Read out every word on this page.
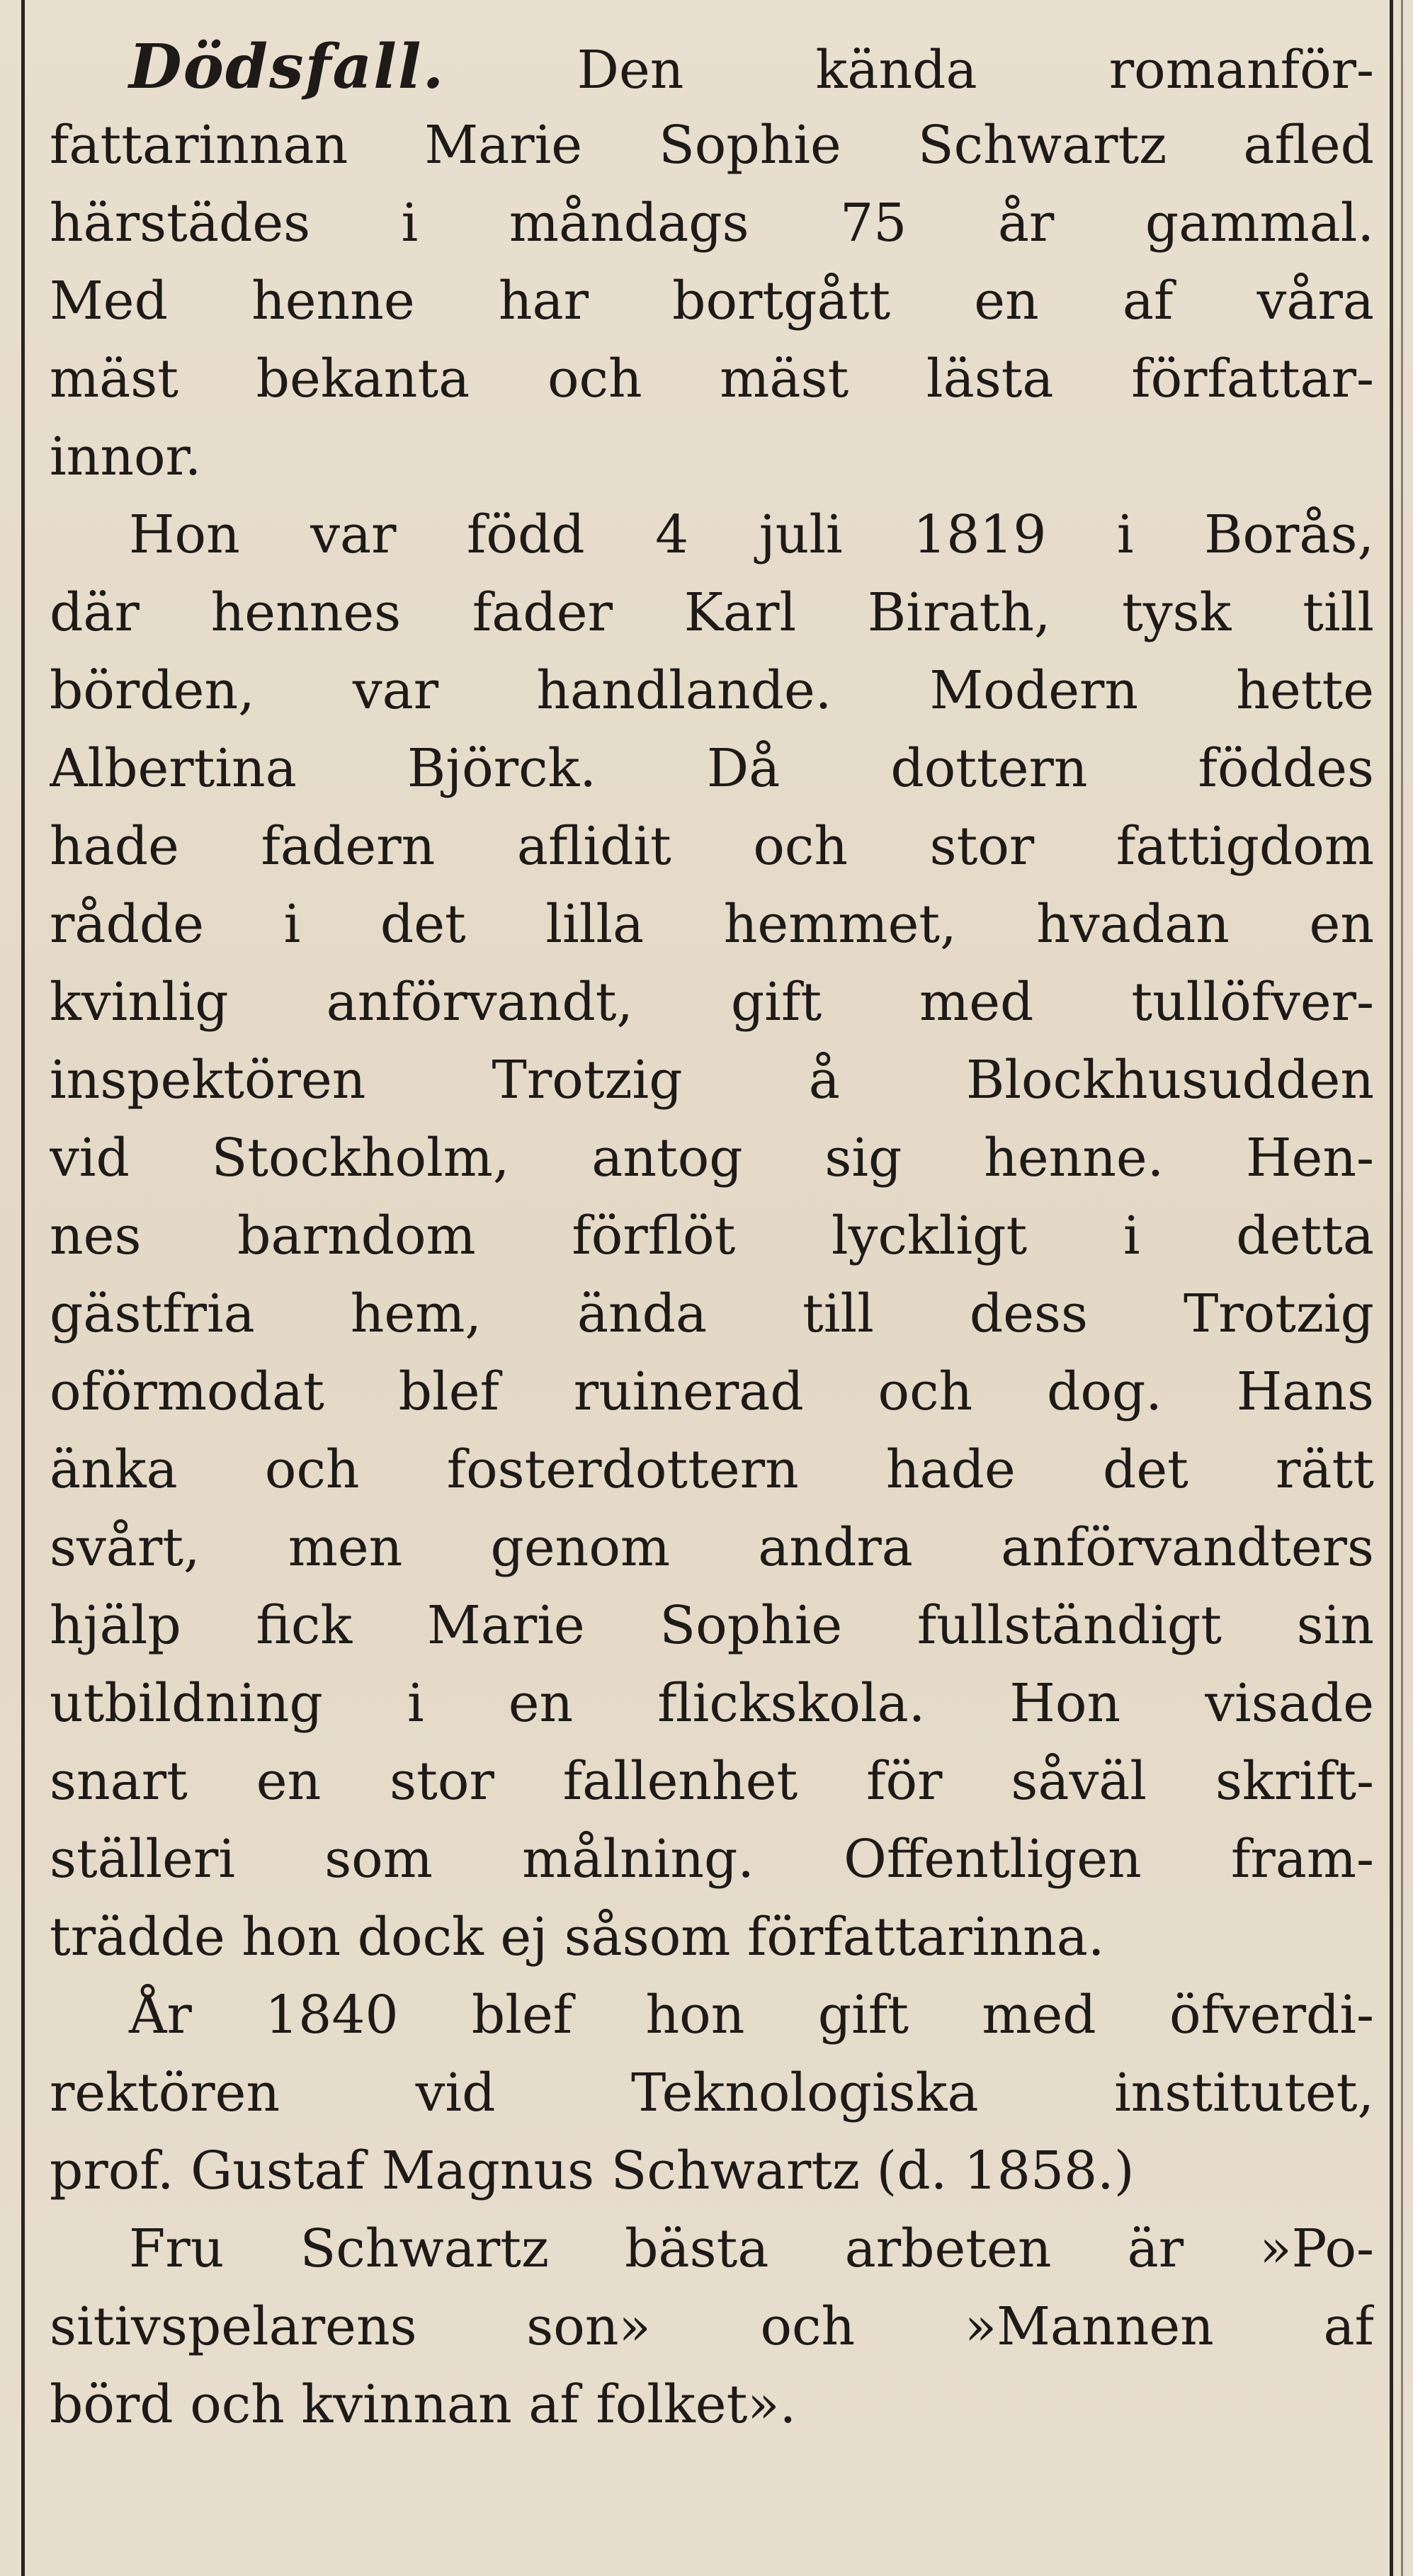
Dödsfall.	Den kända romanför-
fattarinnan Marie Sophie Schwartz afled
härstädes i måndags 75 år gammal.
Med henne har bortgått en af våra
mäst bekanta och mäst lästa författar-
innor.
Hon var född 4 juli 1819 i Borås,
där hennes fader Karl Birath, tysk till
börden, var handlande. Modern hette
Albertina Björck. Då dottern föddes
hade fadern aflidit och stor fattigdom
rådde i det lilla hemmet, hvadan en
kvinlig anförvandt, gift med tullöfver-
inspektören Trotzig å Blockhusudden
vid Stockholm, antog sig henne. Hen-
nes barndom förflöt lyckligt i detta
gästfria hem, ända till dess Trotzig
oförmodat blef ruinerad och dog. Hans
änka och fosterdottern hade det rätt
svårt, men genom andra anförvandters
hjälp fick Marie Sophie fullständigt sin
utbildning i en flickskola. Hon visade
snart en stor fallenhet för såväl skrift-
ställeri som målning. Offentligen fram-
trädde hon dock ej såsom författarinna.
År 1840 blef hon gift med öfverdi-
rektören vid Teknologiska institutet,
prof. Gustaf Magnus Schwartz (d. 1858.)
Fru Schwartz bästa arbeten är »Po-
sitivspelarens son» och »Mannen af
börd och kvinnan af folket».
